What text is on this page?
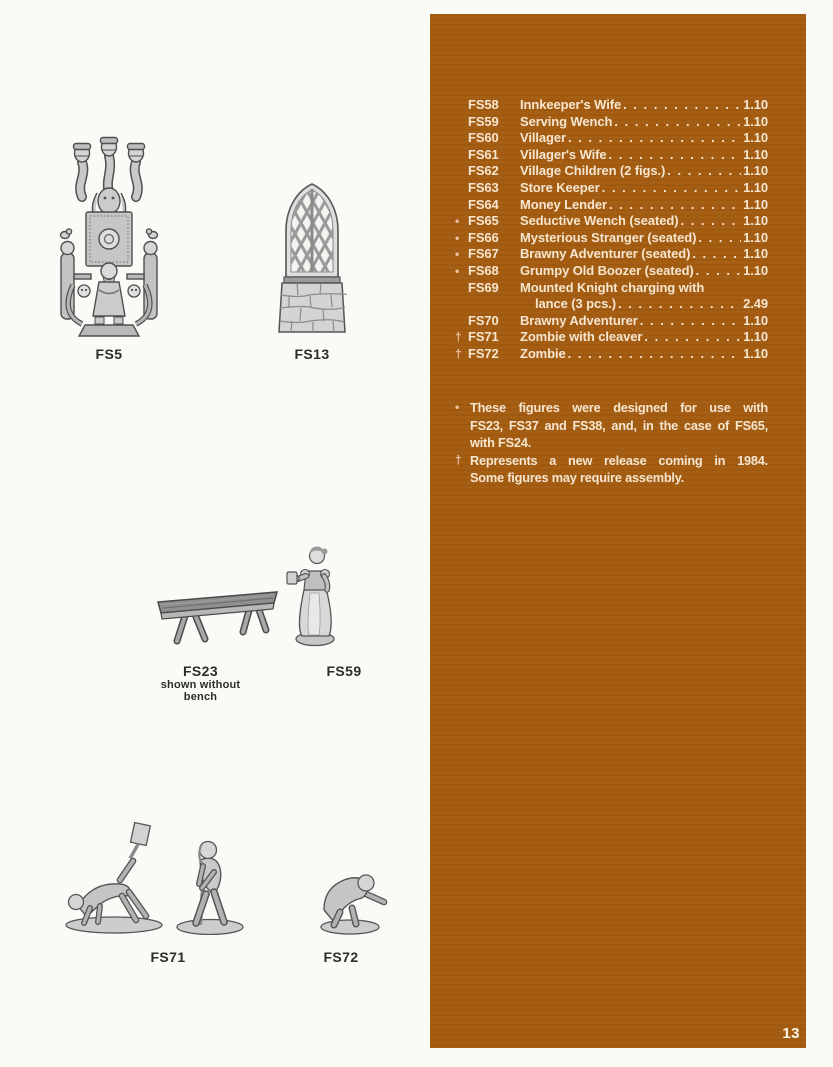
FS5	FS13
FS23
shown without bench
FS59
FS71	FS72
FS58	Innkeeper's Wife . . .	1.10
FS59	Serving Wench . . .	1.10
FS60	Villager . . .	1.10
FS61	Villager's Wife . . .	1.10
FS62	Village Children (2 figs.) . . .	1.10
FS63	Store Keeper . . .	1.10
FS64	Money Lender . . .	1.10
• FS65	Seductive Wench (seated) . . .	1.10
• FS66	Mysterious Stranger (seated) . . .	1.10
• FS67	Brawny Adventurer (seated) . . .	1.10
• FS68	Grumpy Old Boozer (seated) . . .	1.10
FS69	Mounted Knight charging with
lance (3 pcs.) . . .	2.49
FS70	Brawny Adventurer . . .	1.10
† FS71	Zombie with cleaver . . .	1.10
† FS72	Zombie . . .	1.10
• These figures were designed for use with
FS23, FS37 and FS38, and, in the case of FS65,
with FS24.
† Represents a new release coming in 1984.
Some figures may require assembly.
13
